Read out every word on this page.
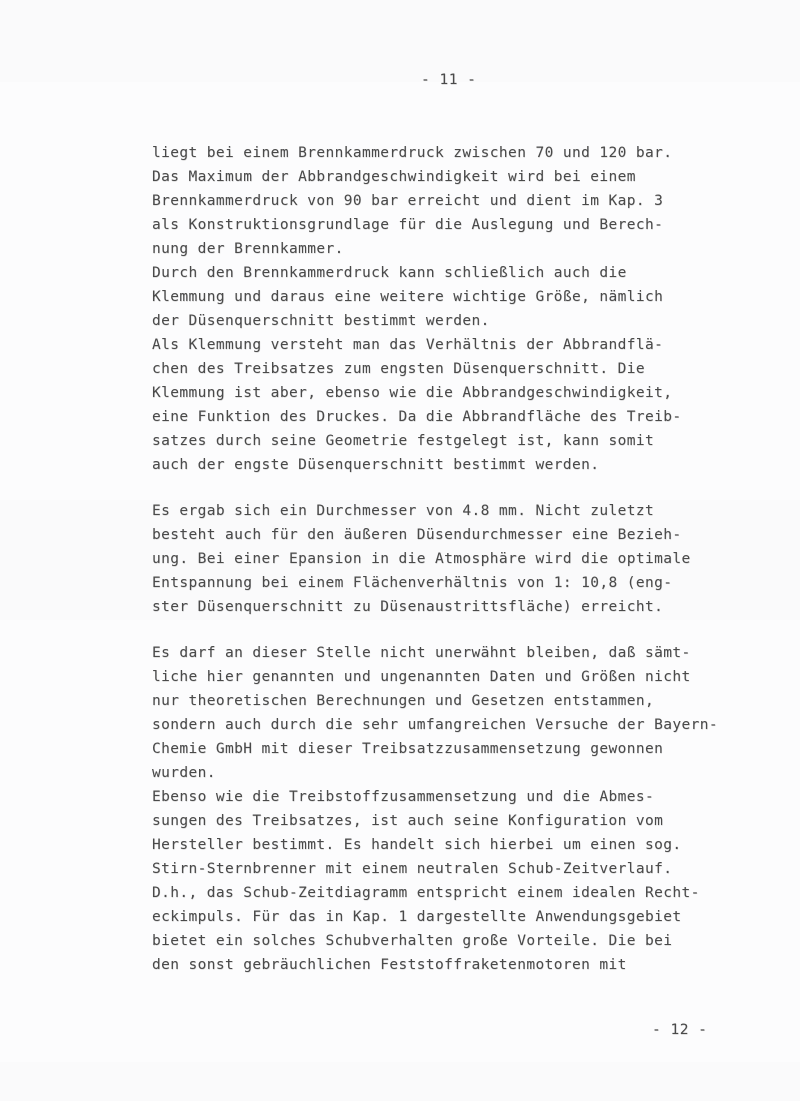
- 11 -
liegt bei einem Brennkammerdruck zwischen 70 und 120 bar.
Das Maximum der Abbrandgeschwindigkeit wird bei einem
Brennkammerdruck von 90 bar erreicht und dient im Kap. 3
als Konstruktionsgrundlage für die Auslegung und Berech-
nung der Brennkammer.
Durch den Brennkammerdruck kann schließlich auch die
Klemmung und daraus eine weitere wichtige Größe, nämlich
der Düsenquerschnitt bestimmt werden.
Als Klemmung versteht man das Verhältnis der Abbrandflä-
chen des Treibsatzes zum engsten Düsenquerschnitt. Die
Klemmung ist aber, ebenso wie die Abbrandgeschwindigkeit,
eine Funktion des Druckes. Da die Abbrandfläche des Treib-
satzes durch seine Geometrie festgelegt ist, kann somit
auch der engste Düsenquerschnitt bestimmt werden.
Es ergab sich ein Durchmesser von 4.8 mm. Nicht zuletzt
besteht auch für den äußeren Düsendurchmesser eine Bezieh-
ung. Bei einer Epansion in die Atmosphäre wird die optimale
Entspannung bei einem Flächenverhältnis von 1: 10,8 (eng-
ster Düsenquerschnitt zu Düsenaustrittsfläche) erreicht.
Es darf an dieser Stelle nicht unerwähnt bleiben, daß sämt-
liche hier genannten und ungenannten Daten und Größen nicht
nur theoretischen Berechnungen und Gesetzen entstammen,
sondern auch durch die sehr umfangreichen Versuche der Bayern-
Chemie GmbH mit dieser Treibsatzzusammensetzung gewonnen
wurden.
Ebenso wie die Treibstoffzusammensetzung und die Abmes-
sungen des Treibsatzes, ist auch seine Konfiguration vom
Hersteller bestimmt. Es handelt sich hierbei um einen sog.
Stirn-Sternbrenner mit einem neutralen Schub-Zeitverlauf.
D.h., das Schub-Zeitdiagramm entspricht einem idealen Recht-
eckimpuls. Für das in Kap. 1 dargestellte Anwendungsgebiet
bietet ein solches Schubverhalten große Vorteile. Die bei
den sonst gebräuchlichen Feststoffraketenmotoren mit
- 12 -
